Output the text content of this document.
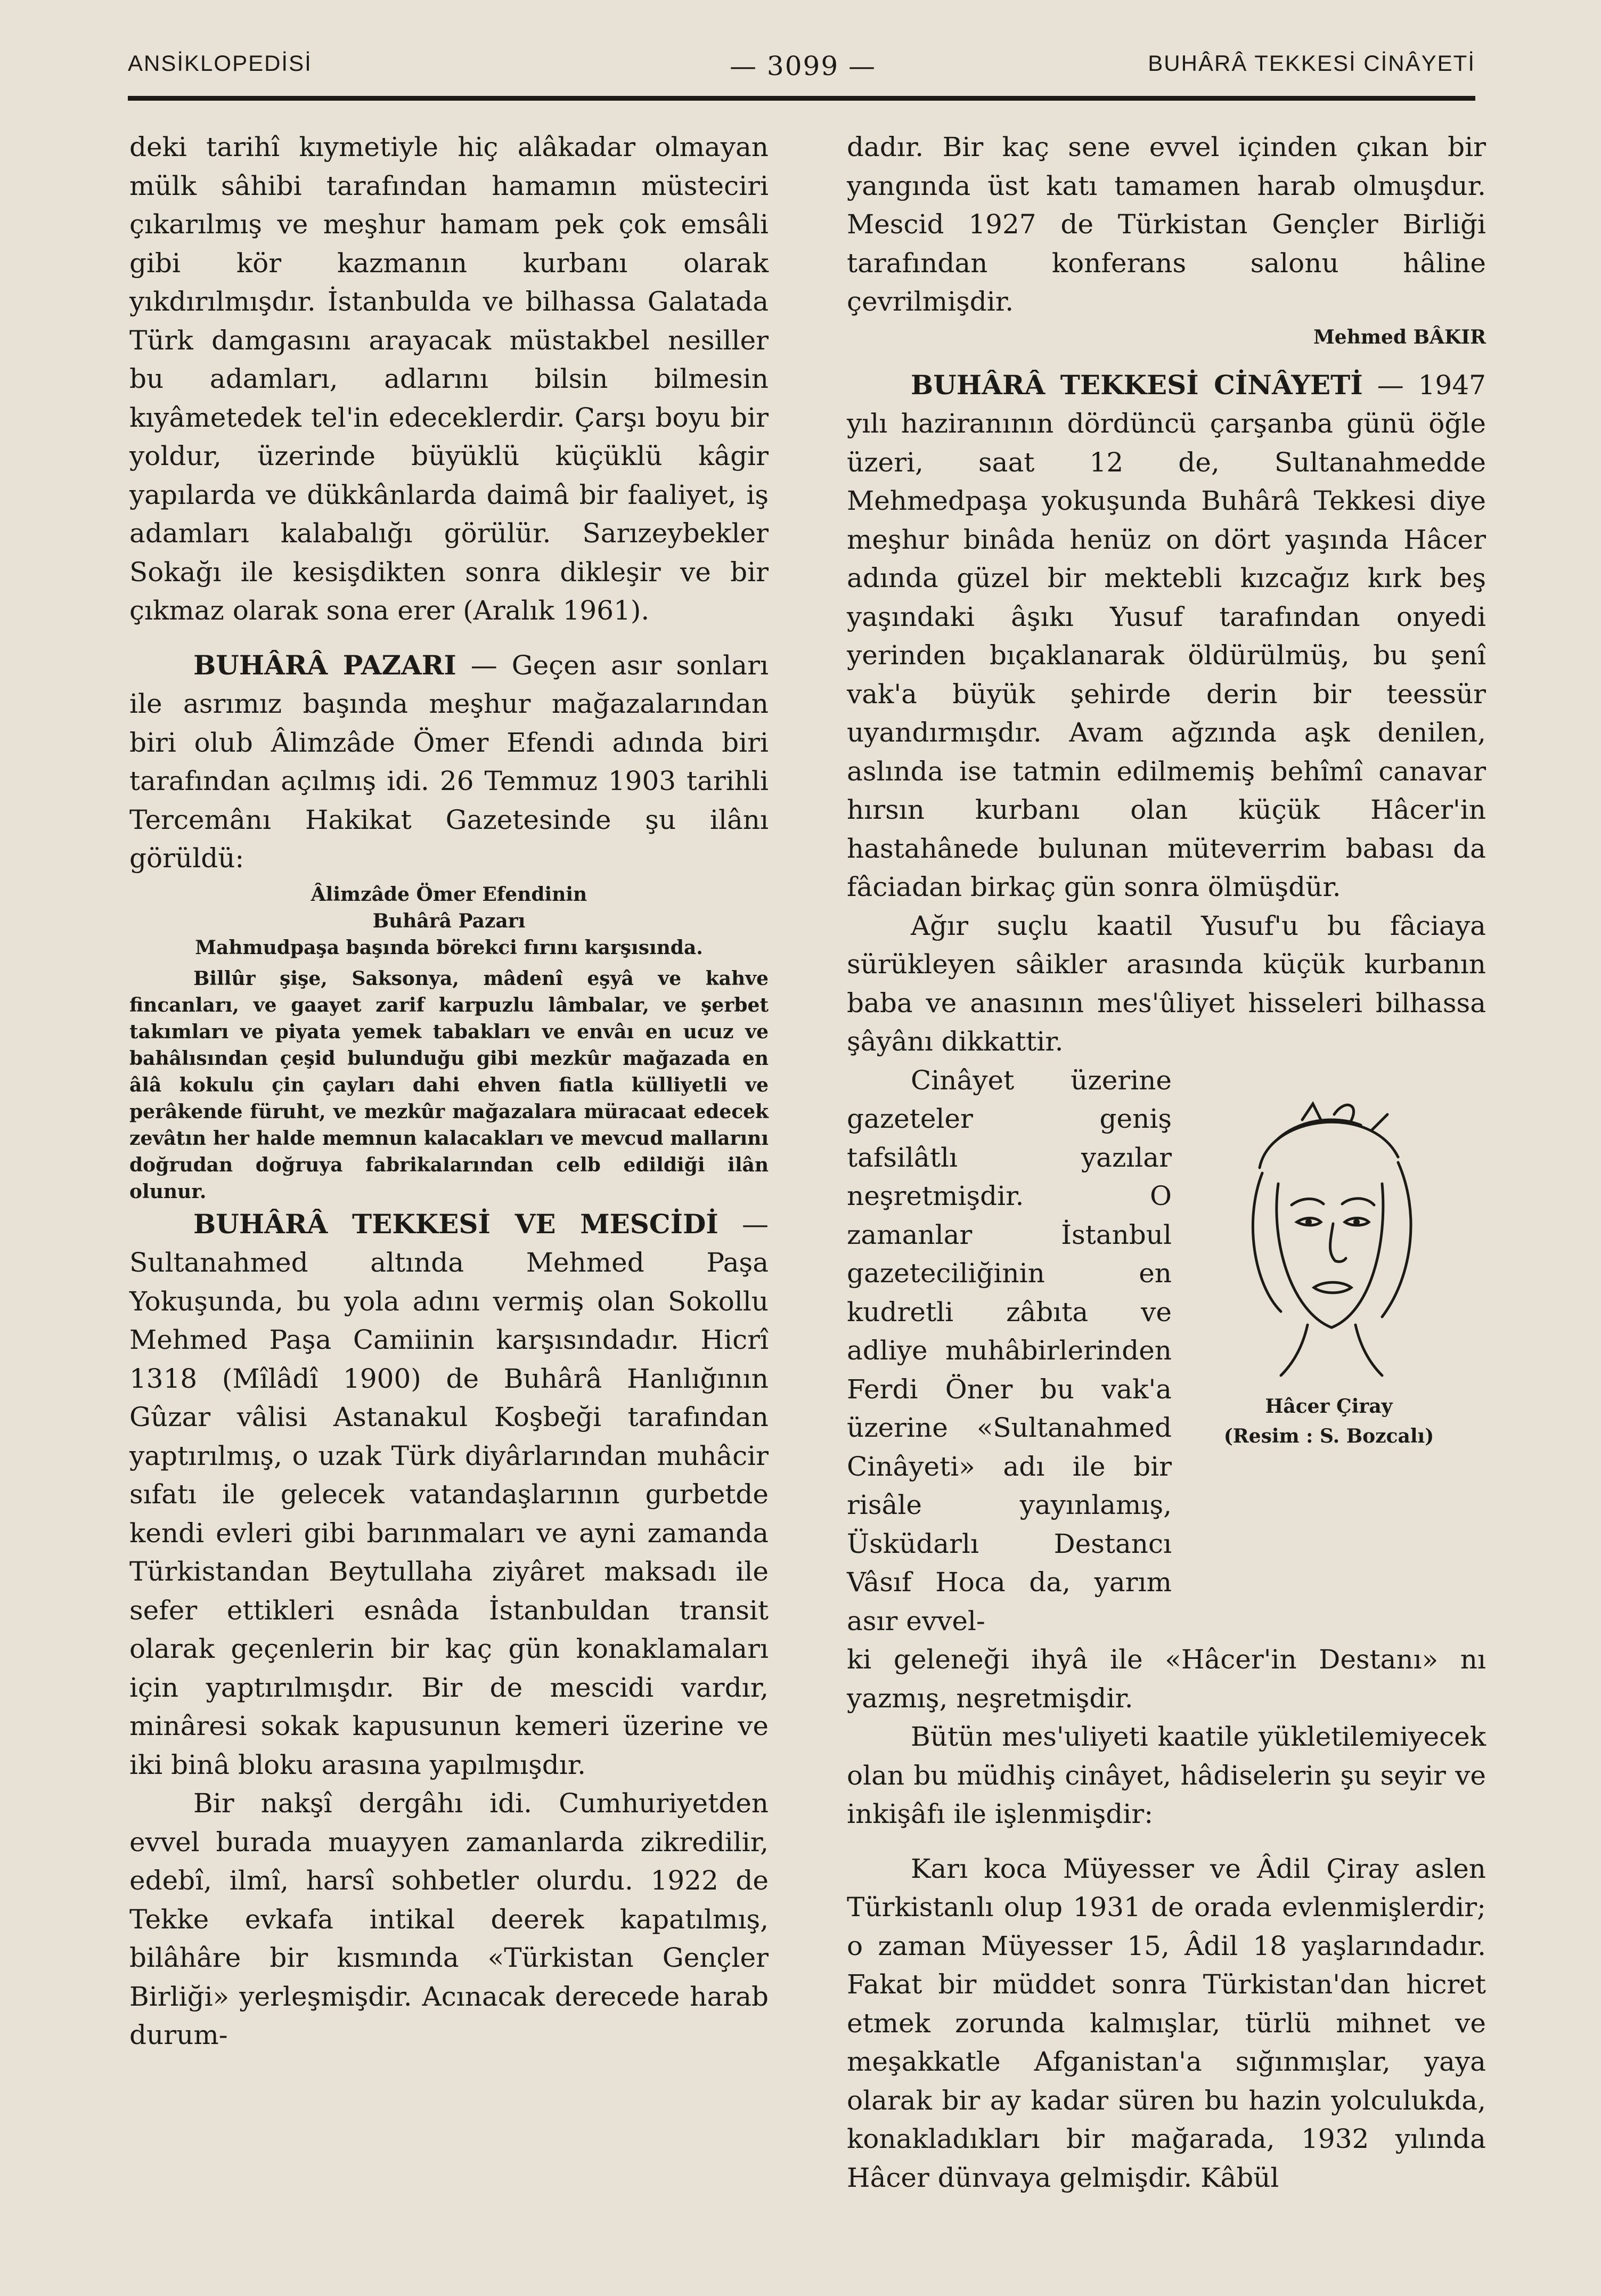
ANSİKLOPEDİSİ	— 3099 —	BUHÂRÂ TEKKESİ CİNÂYETİ

deki tarihî kıymetiyle hiç alâkadar olmayan mülk sâhibi tarafından hamamın müsteciri çıkarılmış ve meşhur hamam pek çok emsâli gibi kör kazmanın kurbanı olarak yıkdırılmışdır. İstanbulda ve bilhassa Galatada Türk damgasını arayacak müstakbel nesiller bu adamları, adlarını bilsin bilmesin kıyâmetedek tel'in edeceklerdir. Çarşı boyu bir yoldur, üzerinde büyüklü küçüklü kâgir yapılarda ve dükkânlarda daimâ bir faaliyet, iş adamları kalabalığı görülür. Sarızeybekler Sokağı ile kesişdikten sonra dikleşir ve bir çıkmaz olarak sona erer (Aralık 1961).

BUHÂRÂ PAZARI — Geçen asır sonları ile asrımız başında meşhur mağazalarından biri olub Âlimzâde Ömer Efendi adında biri tarafından açılmış idi. 26 Temmuz 1903 tarihli Tercemânı Hakikat Gazetesinde şu ilânı görüldü:

Âlimzâde Ömer Efendinin
Buhârâ Pazarı
Mahmudpaşa başında börekci fırını karşısında.

Billûr şişe, Saksonya, mâdenî eşyâ ve kahve fincanları, ve gaayet zarif karpuzlu lâmbalar, ve şerbet takımları ve piyata yemek tabakları ve envâı en ucuz ve bahâlısından çeşid bulunduğu gibi mezkûr mağazada en âlâ kokulu çin çayları dahi ehven fiatla külliyetli ve perâkende füruht, ve mezkûr mağazalara müracaat edecek zevâtın her halde memnun kalacakları ve mevcud mallarını doğrudan doğruya fabrikalarından celb edildiği ilân olunur.

BUHÂRÂ TEKKESİ VE MESCİDİ — Sultanahmed altında Mehmed Paşa Yokuşunda, bu yola adını vermiş olan Sokollu Mehmed Paşa Camiinin karşısındadır. Hicrî 1318 (Mîlâdî 1900) de Buhârâ Hanlığının Gûzar vâlisi Astanakul Koşbeği tarafından yaptırılmış, o uzak Türk diyârlarından muhâcir sıfatı ile gelecek vatandaşlarının gurbetde kendi evleri gibi barınmaları ve ayni zamanda Türkistandan Beytullaha ziyâret maksadı ile sefer ettikleri esnâda İstanbuldan transit olarak geçenlerin bir kaç gün konaklamaları için yaptırılmışdır. Bir de mescidi vardır, minâresi sokak kapusunun kemeri üzerine ve iki binâ bloku arasına yapılmışdır.

Bir nakşî dergâhı idi. Cumhuriyetden evvel burada muayyen zamanlarda zikredilir, edebî, ilmî, harsî sohbetler olurdu. 1922 de Tekke evkafa intikal deerek kapatılmış, bilâhâre bir kısmında «Türkistan Gençler Birliği» yerleşmişdir. Acınacak derecede harab durum-

dadır. Bir kaç sene evvel içinden çıkan bir yangında üst katı tamamen harab olmuşdur. Mescid 1927 de Türkistan Gençler Birliği tarafından konferans salonu hâline çevrilmişdir.

Mehmed BÂKIR

BUHÂRÂ TEKKESİ CİNÂYETİ — 1947 yılı haziranının dördüncü çarşanba günü öğle üzeri, saat 12 de, Sultanahmedde Mehmedpaşa yokuşunda Buhârâ Tekkesi diye meşhur binâda henüz on dört yaşında Hâcer adında güzel bir mektebli kızcağız kırk beş yaşındaki âşıkı Yusuf tarafından onyedi yerinden bıçaklanarak öldürülmüş, bu şenî vak'a büyük şehirde derin bir teessür uyandırmışdır. Avam ağzında aşk denilen, aslında ise tatmin edilmemiş behîmî canavar hırsın kurbanı olan küçük Hâcer'in hastahânede bulunan müteverrim babası da fâciadan birkaç gün sonra ölmüşdür.

Ağır suçlu kaatil Yusuf'u bu fâciaya sürükleyen sâikler arasında küçük kurbanın baba ve anasının mes'ûliyet hisseleri bilhassa şâyânı dikkattir.

Cinâyet üzerine gazeteler geniş tafsilâtlı yazılar neşretmişdir. O zamanlar İstanbul gazeteciliğinin en kudretli zâbıta ve adliye muhâbirlerinden Ferdi Öner bu vak'a üzerine «Sultanahmed Cinâyeti» adı ile bir risâle yayınlamış, Üsküdarlı Destancı Vâsıf Hoca da, yarım asır evvel-

Hâcer Çiray
(Resim : S. Bozcalı)

ki geleneği ihyâ ile «Hâcer'in Destanı» nı yazmış, neşretmişdir.

Bütün mes'uliyeti kaatile yükletilemiyecek olan bu müdhiş cinâyet, hâdiselerin şu seyir ve inkişâfı ile işlenmişdir:

Karı koca Müyesser ve Âdil Çiray aslen Türkistanlı olup 1931 de orada evlenmişlerdir; o zaman Müyesser 15, Âdil 18 yaşlarındadır. Fakat bir müddet sonra Türkistan'dan hicret etmek zorunda kalmışlar, türlü mihnet ve meşakkatle Afganistan'a sığınmışlar, yaya olarak bir ay kadar süren bu hazin yolculukda, konakladıkları bir mağarada, 1932 yılında Hâcer dünvaya gelmişdir. Kâbül
